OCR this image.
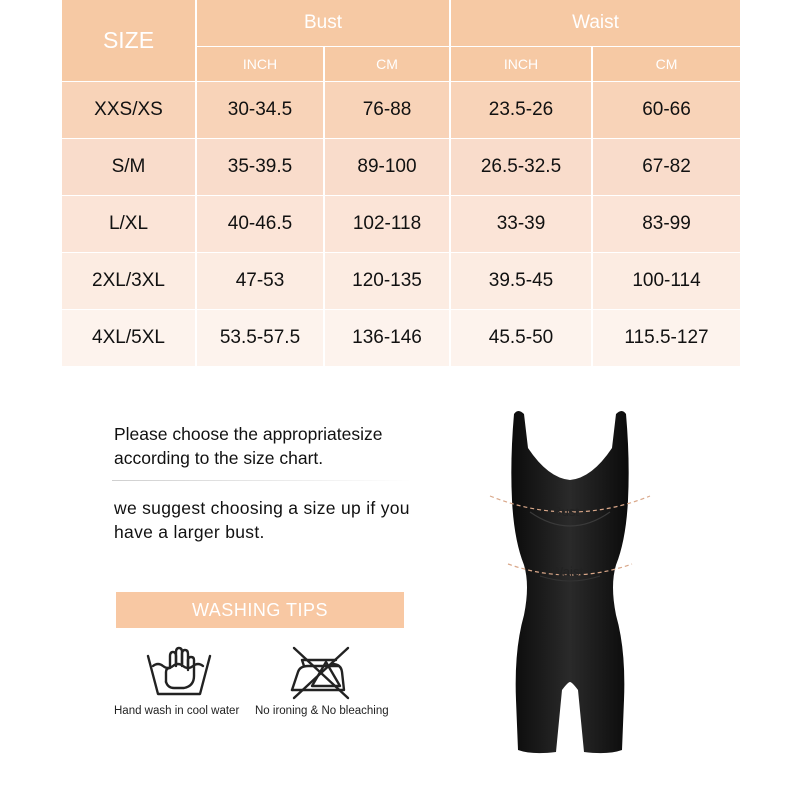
SIZE	Bust		Waist	
	INCH	CM	INCH	CM
XXS/XS	30-34.5	76-88	23.5-26	60-66
S/M	35-39.5	89-100	26.5-32.5	67-82
L/XL	40-46.5	102-118	33-39	83-99
2XL/3XL	47-53	120-135	39.5-45	100-114
4XL/5XL	53.5-57.5	136-146	45.5-50	115.5-127
Please choose the appropriatesize according to the size chart.
we suggest choosing a size up if you have a larger bust.
WASHING TIPS
Hand wash in cool water No ironing & No bleaching
Bust
Waist
